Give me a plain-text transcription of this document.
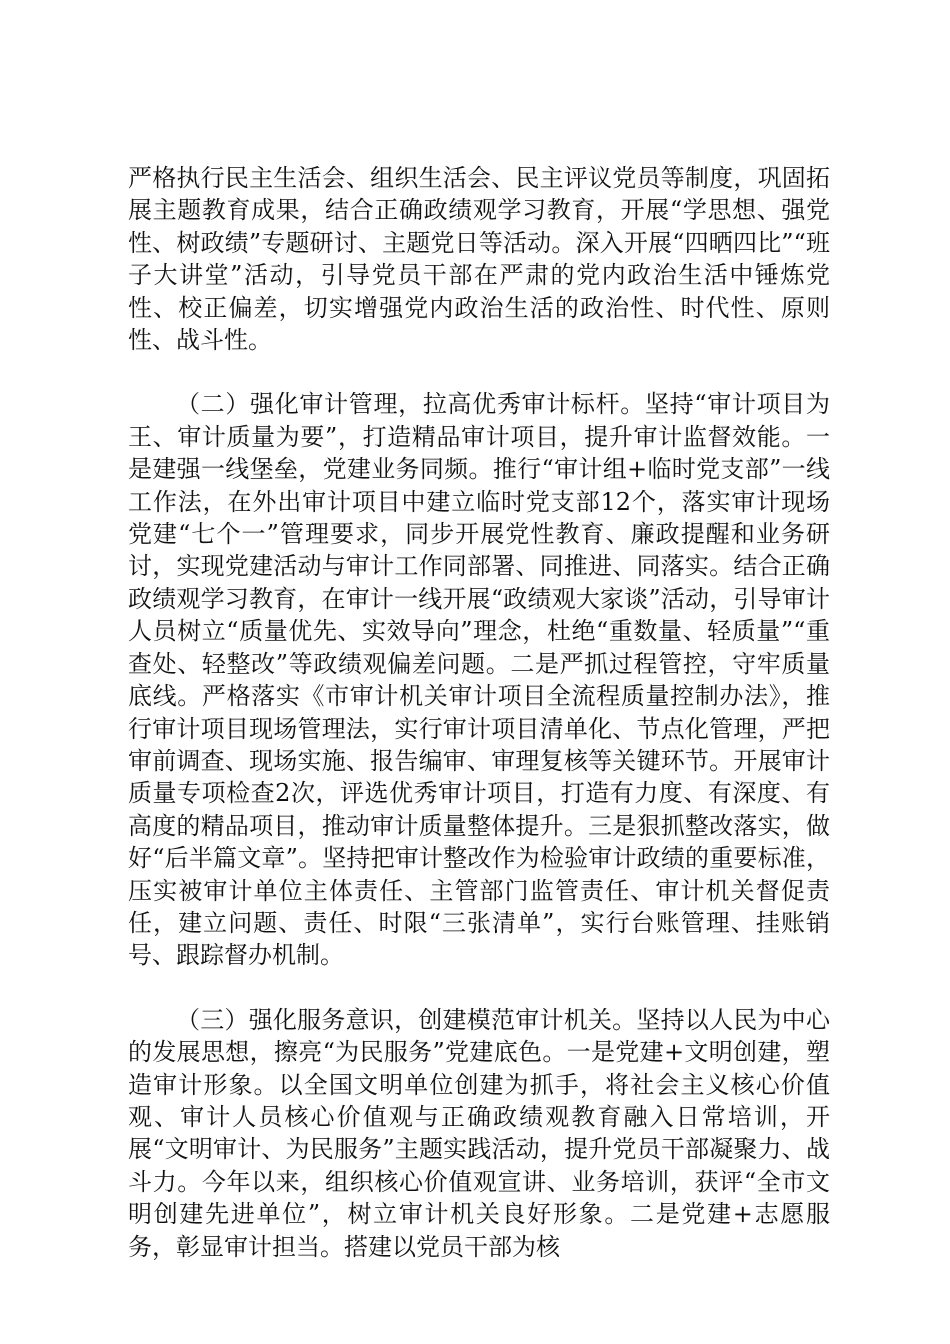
严格执行民主生活会、组织生活会、民主评议党员等制度，巩固拓展主题教育成果，结合正确政绩观学习教育，开展“学思想、强党性、树政绩”专题研讨、主题党日等活动。深入开展“四晒四比”“班子大讲堂”活动，引导党员干部在严肃的党内政治生活中锤炼党性、校正偏差，切实增强党内政治生活的政治性、时代性、原则性、战斗性。

（二）强化审计管理，拉高优秀审计标杆。坚持“审计项目为王、审计质量为要”，打造精品审计项目，提升审计监督效能。一是建强一线堡垒，党建业务同频。推行“审计组+临时党支部”一线工作法，在外出审计项目中建立临时党支部12个，落实审计现场党建“七个一”管理要求，同步开展党性教育、廉政提醒和业务研讨，实现党建活动与审计工作同部署、同推进、同落实。结合正确政绩观学习教育，在审计一线开展“政绩观大家谈”活动，引导审计人员树立“质量优先、实效导向”理念，杜绝“重数量、轻质量”“重查处、轻整改”等政绩观偏差问题。二是严抓过程管控，守牢质量底线。严格落实《市审计机关审计项目全流程质量控制办法》，推行审计项目现场管理法，实行审计项目清单化、节点化管理，严把审前调查、现场实施、报告编审、审理复核等关键环节。开展审计质量专项检查2次，评选优秀审计项目，打造有力度、有深度、有高度的精品项目，推动审计质量整体提升。三是狠抓整改落实，做好“后半篇文章”。坚持把审计整改作为检验审计政绩的重要标准，压实被审计单位主体责任、主管部门监管责任、审计机关督促责任，建立问题、责任、时限“三张清单”，实行台账管理、挂账销号、跟踪督办机制。

（三）强化服务意识，创建模范审计机关。坚持以人民为中心的发展思想，擦亮“为民服务”党建底色。一是党建+文明创建，塑造审计形象。以全国文明单位创建为抓手，将社会主义核心价值观、审计人员核心价值观与正确政绩观教育融入日常培训，开展“文明审计、为民服务”主题实践活动，提升党员干部凝聚力、战斗力。今年以来，组织核心价值观宣讲、业务培训，获评“全市文明创建先进单位”，树立审计机关良好形象。二是党建+志愿服务，彰显审计担当。搭建以党员干部为核
